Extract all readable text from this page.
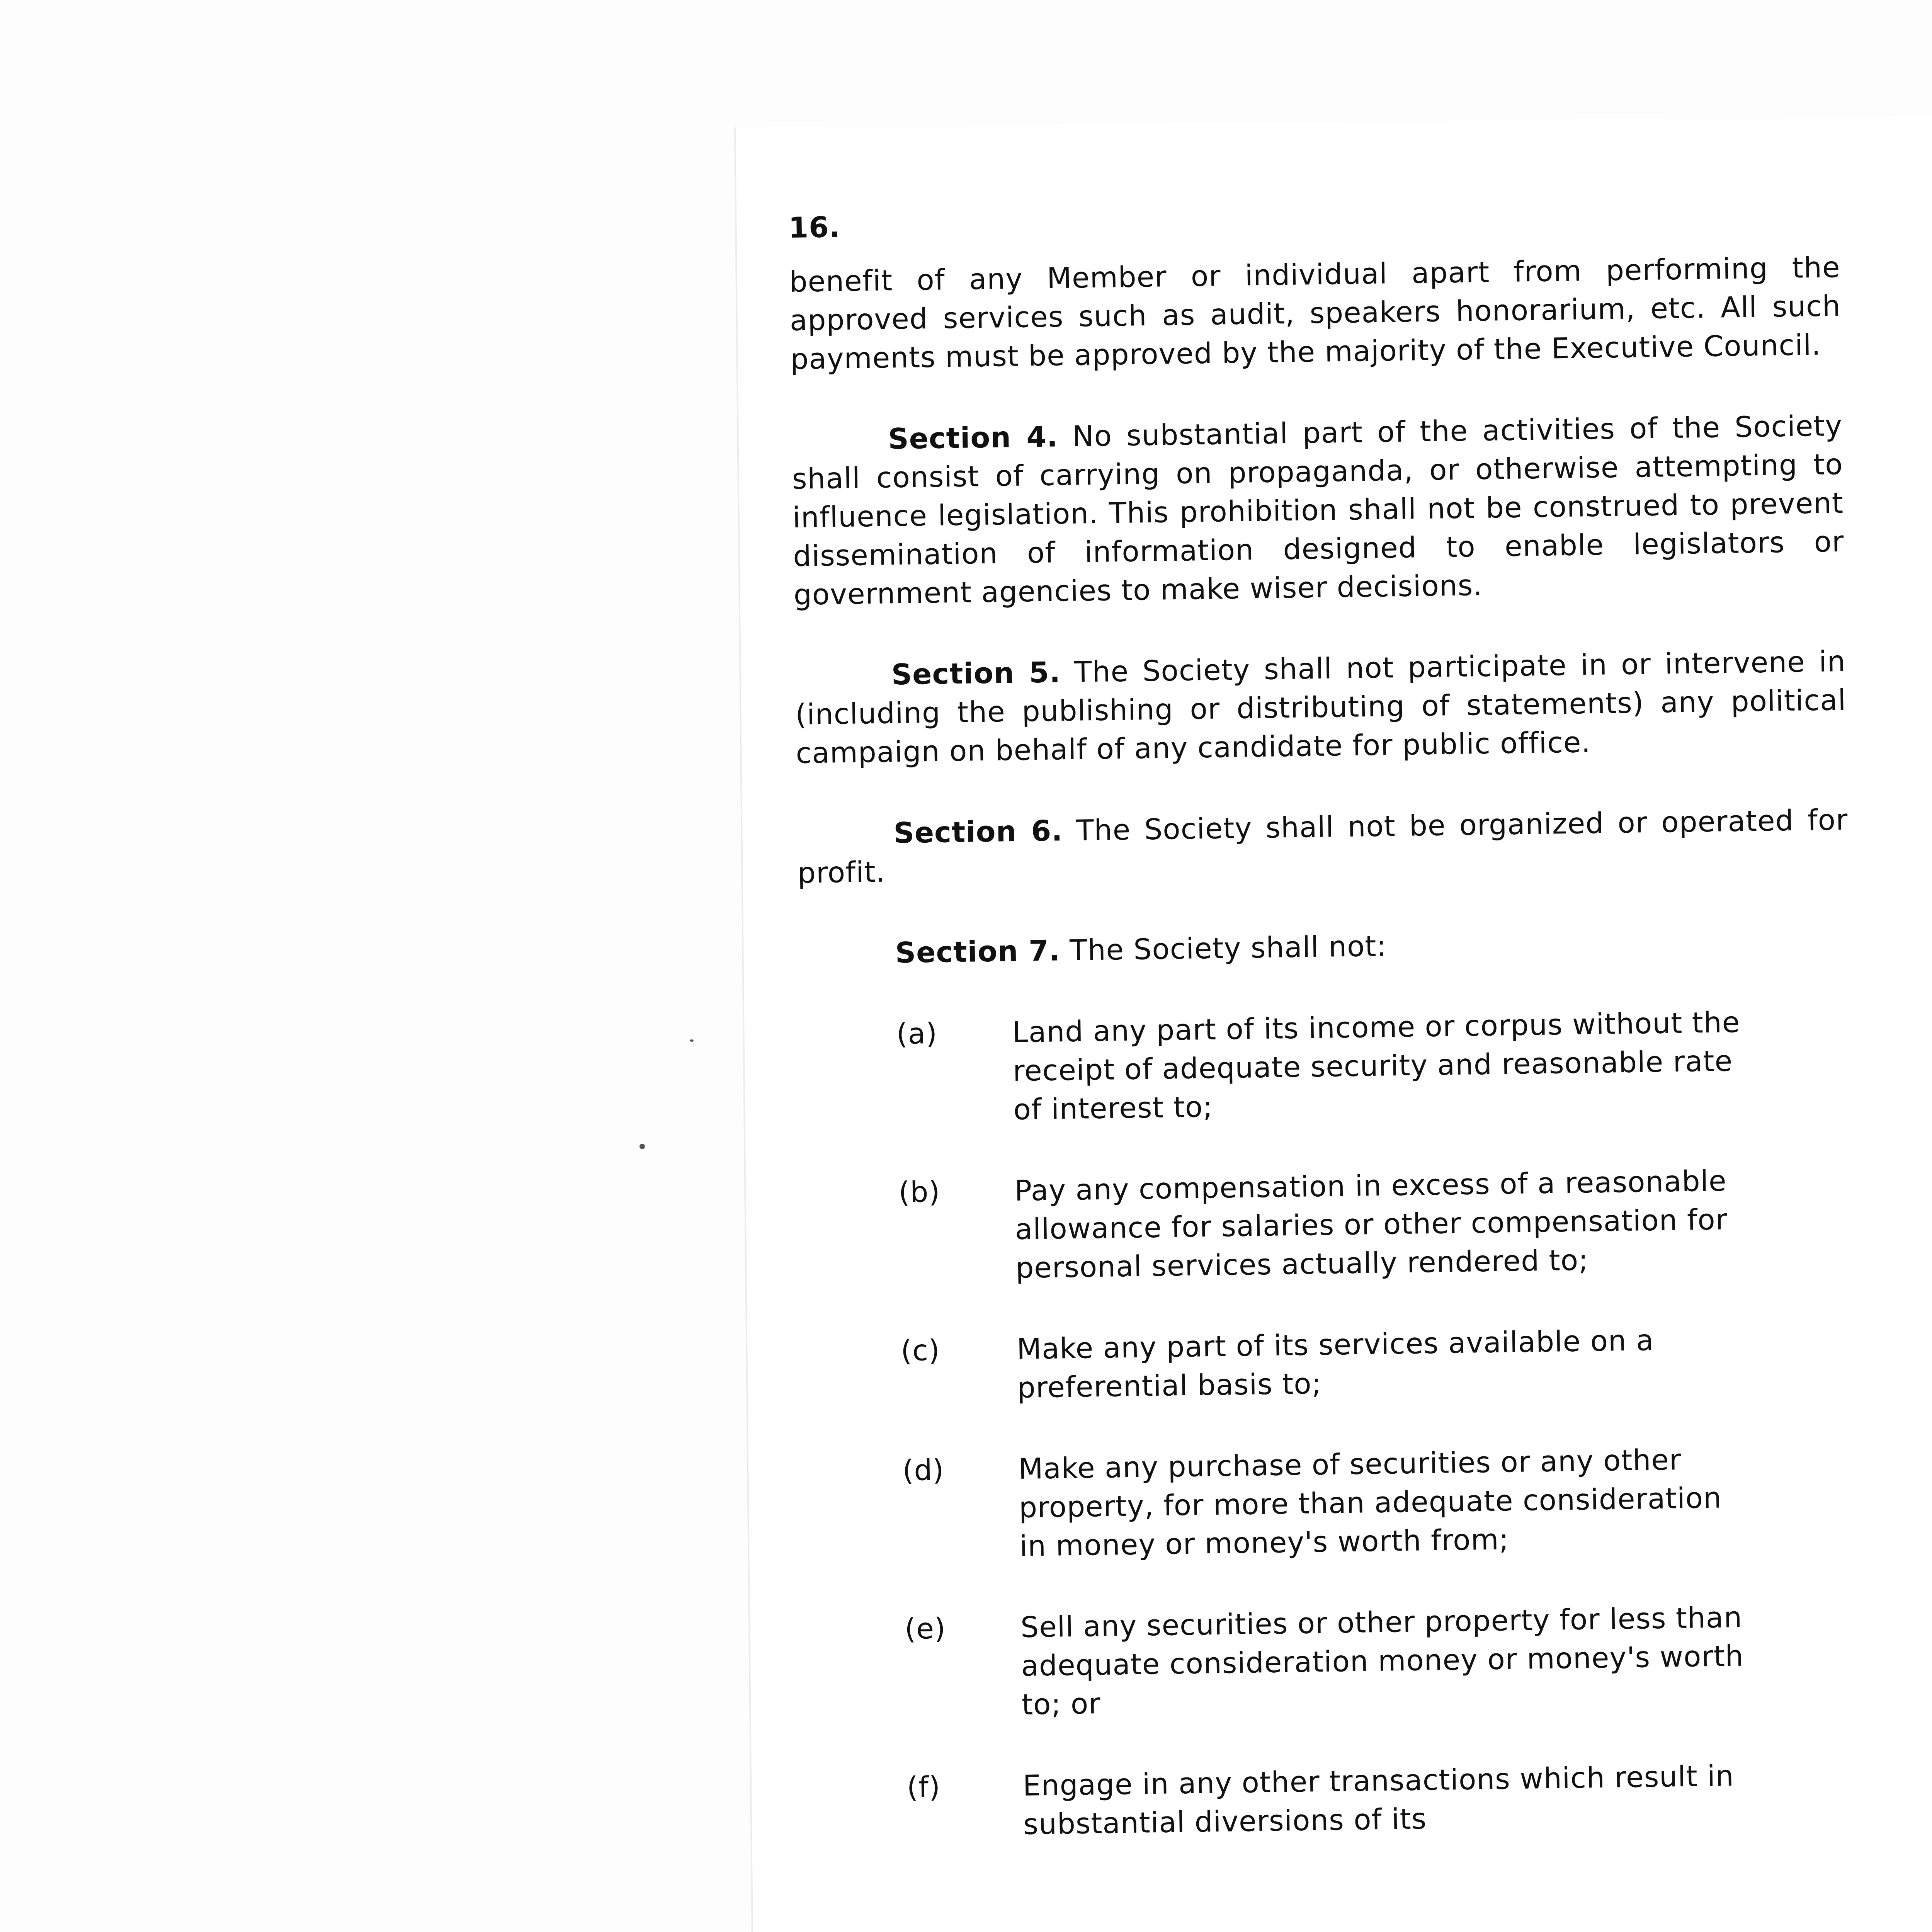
16.

benefit of any Member or individual apart from performing the approved services such as audit, speakers honorarium, etc. All such payments must be approved by the majority of the Executive Council.

Section 4. No substantial part of the activities of the Society shall consist of carrying on propaganda, or otherwise attempting to influence legislation. This prohibition shall not be construed to prevent dissemination of information designed to enable legislators or government agencies to make wiser decisions.

Section 5. The Society shall not participate in or intervene in (including the publishing or distributing of statements) any political campaign on behalf of any candidate for public office.

Section 6. The Society shall not be organized or operated for profit.

Section 7. The Society shall not:

(a)	Land any part of its income or corpus without the receipt of adequate security and reasonable rate of interest to;
(b)	Pay any compensation in excess of a reasonable allowance for salaries or other compensation for personal services actually rendered to;
(c)	Make any part of its services available on a preferential basis to;
(d)	Make any purchase of securities or any other property, for more than adequate consideration in money or money's worth from;
(e)	Sell any securities or other property for less than adequate consideration money or money's worth to; or
(f)	Engage in any other transactions which result in substantial diversions of its
